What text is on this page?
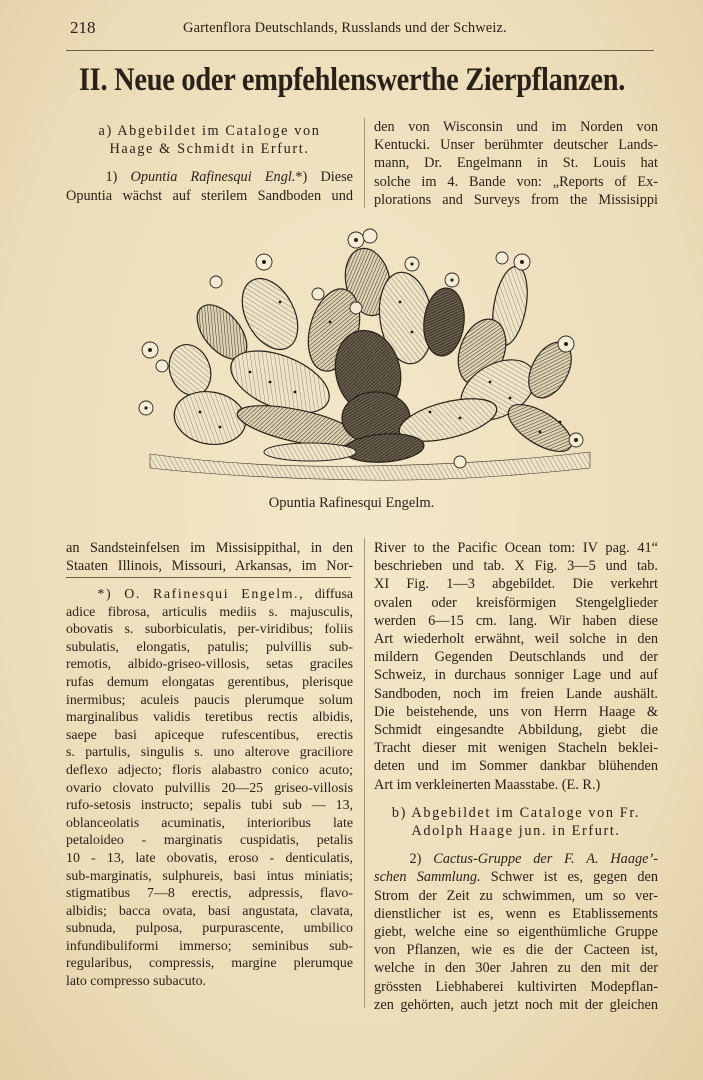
218	Gartenflora Deutschlands, Russlands und der Schweiz.
II. Neue oder empfehlenswerthe Zierpflanzen.

a) Abgebildet im Cataloge von

Haage & Schmidt in Erfurt.

1) Opuntia Rafinesqui Engl.*) Diese

Opuntia wächst auf sterilem Sandboden und

den von Wisconsin und im Norden von

Kentucki. Unser berühmter deutscher Lands-

mann, Dr. Engelmann in St. Louis hat

solche im 4. Bande von: „Reports of Ex-

plorations and Surveys from the Missisippi

Opuntia Rafinesqui Engelm.

an Sandsteinfelsen im Missisippithal, in den

Staaten Illinois, Missouri, Arkansas, im Nor-

*) O. Rafinesqui Engelm., diffusa

adice fibrosa, articulis mediis s. majusculis,

obovatis s. suborbiculatis, per-viridibus; foliis

subulatis, elongatis, patulis; pulvillis sub-

remotis, albido-griseo-villosis, setas graciles

rufas demum elongatas gerentibus, plerisque

inermibus; aculeis paucis plerumque solum

marginalibus validis teretibus rectis albidis,

saepe basi apiceque rufescentibus, erectis

s. partulis, singulis s. uno alterove graciliore

deflexo adjecto; floris alabastro conico acuto;

ovario clovato pulvillis 20—25 griseo-villosis

rufo-setosis instructo; sepalis tubi sub — 13,

oblanceolatis acuminatis, interioribus late

petaloideo - marginatis cuspidatis, petalis

10 - 13, late obovatis, eroso - denticulatis,

sub-marginatis, sulphureis, basi intus miniatis;

stigmatibus 7—8 erectis, adpressis, flavo-

albidis; bacca ovata, basi angustata, clavata,

subnuda, pulposa, purpurascente, umbilico

infundibuliformi immerso; seminibus sub-

regularibus, compressis, margine plerumque

lato compresso subacuto.

River to the Pacific Ocean tom: IV pag. 41“

beschrieben und tab. X Fig. 3—5 und tab.

XI Fig. 1—3 abgebildet. Die verkehrt

ovalen oder kreisförmigen Stengelglieder

werden 6—15 cm. lang. Wir haben diese

Art wiederholt erwähnt, weil solche in den

mildern Gegenden Deutschlands und der

Schweiz, in durchaus sonniger Lage und auf

Sandboden, noch im freien Lande aushält.

Die beistehende, uns von Herrn Haage &

Schmidt eingesandte Abbildung, giebt die

Tracht dieser mit wenigen Stacheln beklei-

deten und im Sommer dankbar blühenden

Art im verkleinerten Maasstabe. (E. R.)

b) Abgebildet im Cataloge von Fr.

Adolph Haage jun. in Erfurt.

2) Cactus-Gruppe der F. A. Haage’-

schen Sammlung. Schwer ist es, gegen den

Strom der Zeit zu schwimmen, um so ver-

dienstlicher ist es, wenn es Etablissements

giebt, welche eine so eigenthümliche Gruppe

von Pflanzen, wie es die der Cacteen ist,

welche in den 30er Jahren zu den mit der

grössten Liebhaberei kultivirten Modepflan-

zen gehörten, auch jetzt noch mit der gleichen
